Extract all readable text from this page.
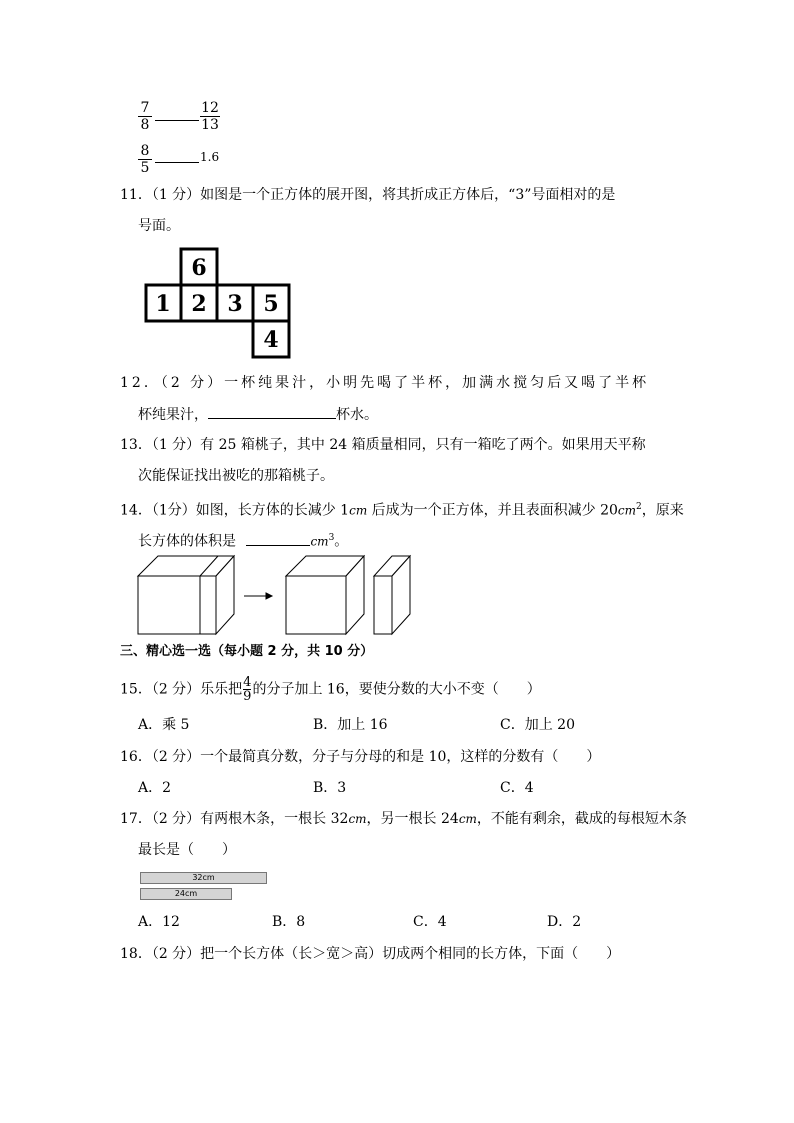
$\frac{7}{8}$	$\frac{12}{13}$
$\frac{8}{5}$	1.6
11．（1 分）如图是一个正方体的展开图，将其折成正方体后，“3”号面相对的是
号面。
6
1 2 3 5
4
12．（2 分）一杯纯果汁，小明先喝了半杯，加满水搅匀后又喝了半杯
杯纯果汁，	杯水。
13．（1 分）有 25 箱桃子，其中 24 箱质量相同，只有一箱吃了两个。如果用天平称
次能保证找出被吃的那箱桃子。
14．（1分）如图，长方体的长减少 1cm 后成为一个正方体，并且表面积减少 $20cm^2$，原来
长方体的体积是	$cm^3$。
三、精心选一选（每小题 2 分，共 10 分）
15．（2 分）乐乐把 $\frac{4}{9}$ 的分子加上 16，要使分数的大小不变（　　）
A．乘 5	B．加上 16	C．加上 20
16．（2 分）一个最简真分数，分子与分母的和是 10，这样的分数有（　　）
A．2	B．3	C．4
17．（2 分）有两根木条，一根长 32cm，另一根长 24cm，不能有剩余，截成的每根短木条
最长是（　　）
32cm
24cm
A．12	B．8	C．4	D．2
18．（2 分）把一个长方体（长＞宽＞高）切成两个相同的长方体，下面（　　）
